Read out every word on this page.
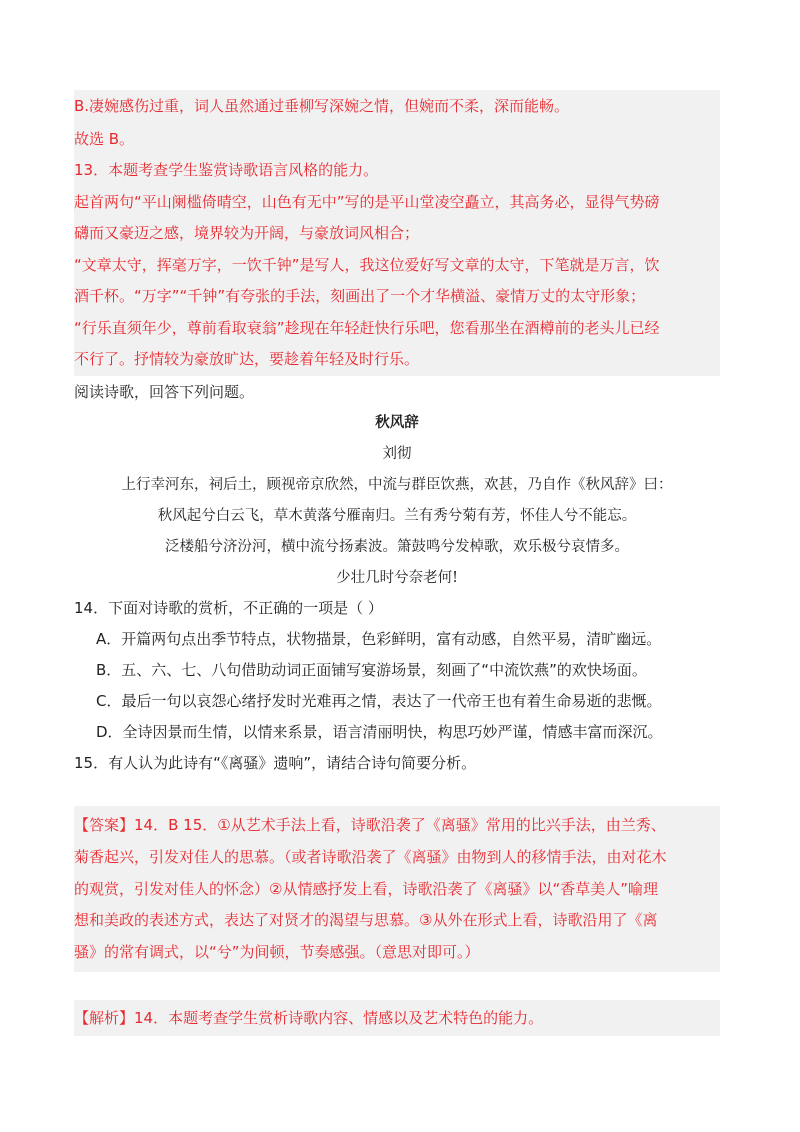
B.凄婉感伤过重，词人虽然通过垂柳写深婉之情，但婉而不柔，深而能畅。
故选 B。
13．本题考查学生鉴赏诗歌语言风格的能力。
起首两句“平山阑槛倚晴空，山色有无中”写的是平山堂凌空矗立，其高务必，显得气势磅
礴而又豪迈之感，境界较为开阔，与豪放词风相合；
“文章太守，挥毫万字，一饮千钟”是写人，我这位爱好写文章的太守，下笔就是万言，饮
酒千杯。“万字”“千钟”有夸张的手法，刻画出了一个才华横溢、豪情万丈的太守形象；
“行乐直须年少，尊前看取衰翁”趁现在年轻赶快行乐吧，您看那坐在酒樽前的老头儿已经
不行了。抒情较为豪放旷达，要趁着年轻及时行乐。
阅读诗歌，回答下列问题。
秋风辞
刘彻
上行幸河东，祠后土，顾视帝京欣然，中流与群臣饮燕，欢甚，乃自作《秋风辞》曰：
秋风起兮白云飞，草木黄落兮雁南归。兰有秀兮菊有芳，怀佳人兮不能忘。
泛楼船兮济汾河，横中流兮扬素波。箫鼓鸣兮发棹歌，欢乐极兮哀情多。
少壮几时兮奈老何!
14．下面对诗歌的赏析，不正确的一项是（ ）
A．开篇两句点出季节特点，状物描景，色彩鲜明，富有动感，自然平易，清旷幽远。
B．五、六、七、八句借助动词正面铺写宴游场景，刻画了“中流饮燕”的欢快场面。
C．最后一句以哀怨心绪抒发时光难再之情，表达了一代帝王也有着生命易逝的悲慨。
D．全诗因景而生情，以情来系景，语言清丽明快，构思巧妙严谨，情感丰富而深沉。
15．有人认为此诗有“《离骚》遗响”，请结合诗句简要分析。
【答案】14．B 15．①从艺术手法上看，诗歌沿袭了《离骚》常用的比兴手法，由兰秀、
菊香起兴，引发对佳人的思慕。（或者诗歌沿袭了《离骚》由物到人的移情手法，由对花木
的观赏，引发对佳人的怀念）②从情感抒发上看，诗歌沿袭了《离骚》以“香草美人”喻理
想和美政的表述方式，表达了对贤才的渴望与思慕。③从外在形式上看，诗歌沿用了《离
骚》的常有调式，以“兮”为间顿，节奏感强。（意思对即可。）
【解析】14．本题考查学生赏析诗歌内容、情感以及艺术特色的能力。
